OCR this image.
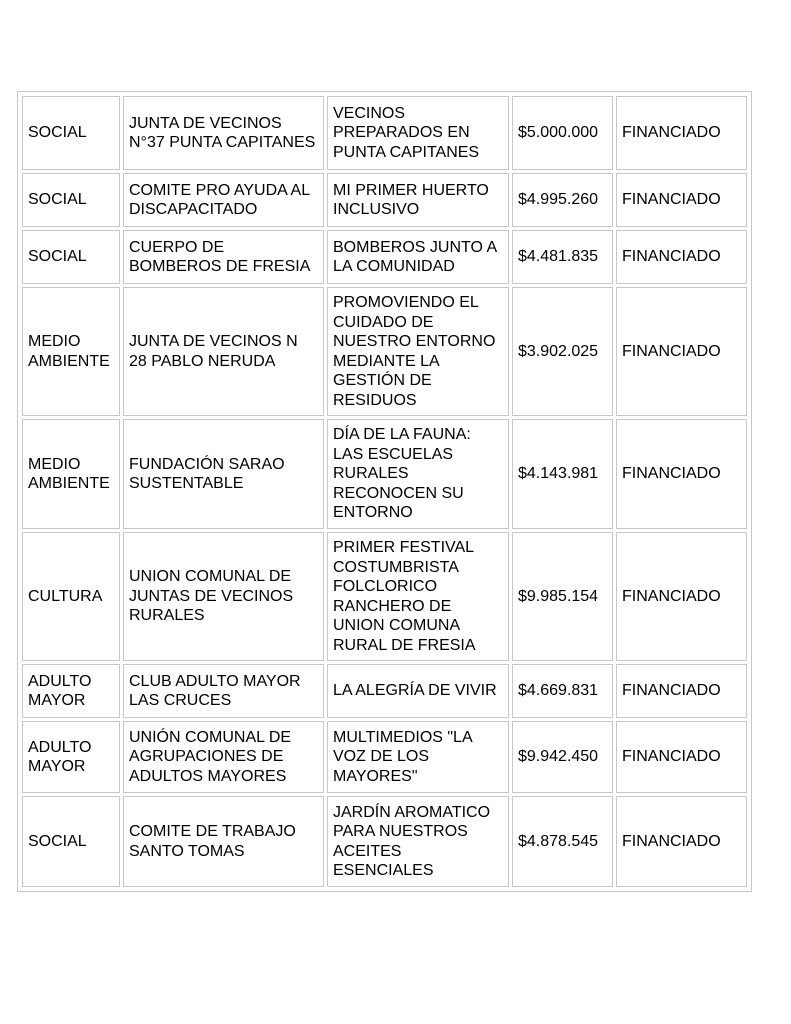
SOCIAL	JUNTA DE VECINOS N°37 PUNTA CAPITANES	VECINOS PREPARADOS EN PUNTA CAPITANES	$5.000.000	FINANCIADO
SOCIAL	COMITE PRO AYUDA AL DISCAPACITADO	MI PRIMER HUERTO INCLUSIVO	$4.995.260	FINANCIADO
SOCIAL	CUERPO DE BOMBEROS DE FRESIA	BOMBEROS JUNTO A LA COMUNIDAD	$4.481.835	FINANCIADO
MEDIO AMBIENTE	JUNTA DE VECINOS N 28 PABLO NERUDA	PROMOVIENDO EL CUIDADO DE NUESTRO ENTORNO MEDIANTE LA GESTIÓN DE RESIDUOS	$3.902.025	FINANCIADO
MEDIO AMBIENTE	FUNDACIÓN SARAO SUSTENTABLE	DÍA DE LA FAUNA: LAS ESCUELAS RURALES RECONOCEN SU ENTORNO	$4.143.981	FINANCIADO
CULTURA	UNION COMUNAL DE JUNTAS DE VECINOS RURALES	PRIMER FESTIVAL COSTUMBRISTA FOLCLORICO RANCHERO DE UNION COMUNA RURAL DE FRESIA	$9.985.154	FINANCIADO
ADULTO MAYOR	CLUB ADULTO MAYOR LAS CRUCES	LA ALEGRÍA DE VIVIR	$4.669.831	FINANCIADO
ADULTO MAYOR	UNIÓN COMUNAL DE AGRUPACIONES DE ADULTOS MAYORES	MULTIMEDIOS "LA VOZ DE LOS MAYORES"	$9.942.450	FINANCIADO
SOCIAL	COMITE DE TRABAJO SANTO TOMAS	JARDÍN AROMATICO PARA NUESTROS ACEITES ESENCIALES	$4.878.545	FINANCIADO
